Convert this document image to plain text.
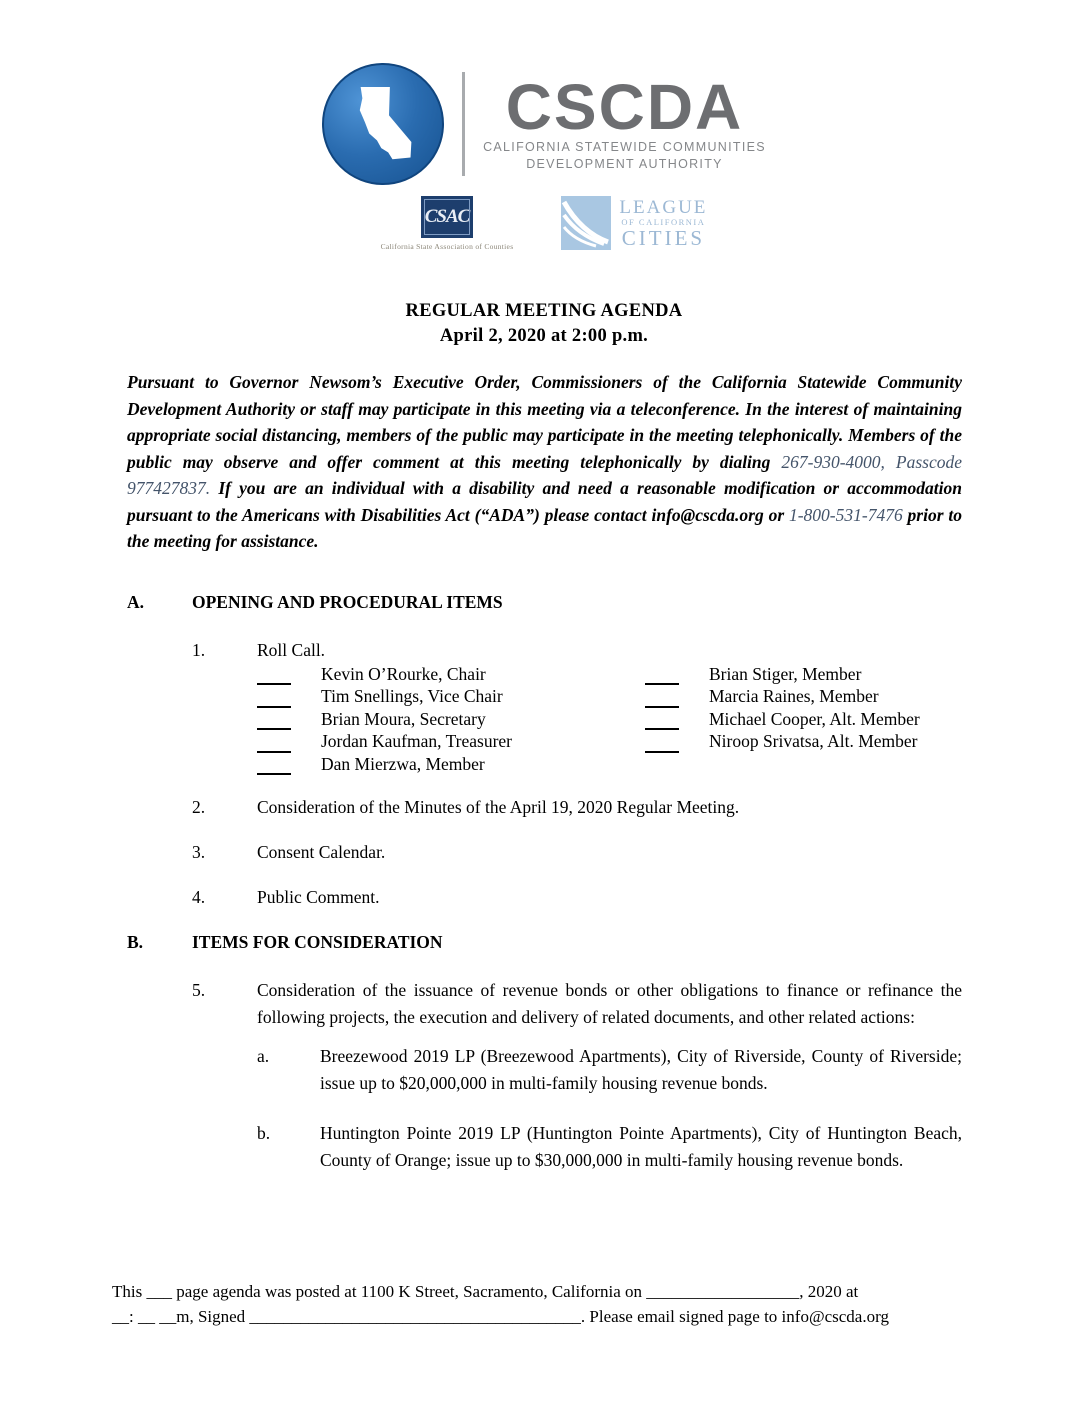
CSCDA
CALIFORNIA STATEWIDE COMMUNITIES
DEVELOPMENT AUTHORITY
CSAC
California State Association of Counties
LEAGUE
OF CALIFORNIA
CITIES
REGULAR MEETING AGENDA
April 2, 2020 at 2:00 p.m.

Pursuant to Governor Newsom’s Executive Order, Commissioners of the California Statewide Community Development Authority or staff may participate in this meeting via a teleconference. In the interest of maintaining appropriate social distancing, members of the public may participate in the meeting telephonically. Members of the public may observe and offer comment at this meeting telephonically by dialing 267-930-4000, Passcode 977427837. If you are an individual with a disability and need a reasonable modification or accommodation pursuant to the Americans with Disabilities Act (“ADA”) please contact info@cscda.org or 1-800-531-7476 prior to the meeting for assistance.

A.	OPENING AND PROCEDURAL ITEMS
1.	Roll Call.
Kevin O’Rourke, Chair
Tim Snellings, Vice Chair
Brian Moura, Secretary
Jordan Kaufman, Treasurer
Dan Mierzwa, Member
Brian Stiger, Member
Marcia Raines, Member
Michael Cooper, Alt. Member
Niroop Srivatsa, Alt. Member
2.	Consideration of the Minutes of the April 19, 2020 Regular Meeting.
3.	Consent Calendar.
4.	Public Comment.
B.	ITEMS FOR CONSIDERATION
5.	Consideration of the issuance of revenue bonds or other obligations to finance or refinance the following projects, the execution and delivery of related documents, and other related actions:
a.	Breezewood 2019 LP (Breezewood Apartments), City of Riverside, County of Riverside; issue up to $20,000,000 in multi-family housing revenue bonds.
b.	Huntington Pointe 2019 LP (Huntington Pointe Apartments), City of Huntington Beach, County of Orange; issue up to $30,000,000 in multi-family housing revenue bonds.
This ___ page agenda was posted at 1100 K Street, Sacramento, California on __________________, 2020 at
__: __ __m, Signed _______________________________________. Please email signed page to info@cscda.org
